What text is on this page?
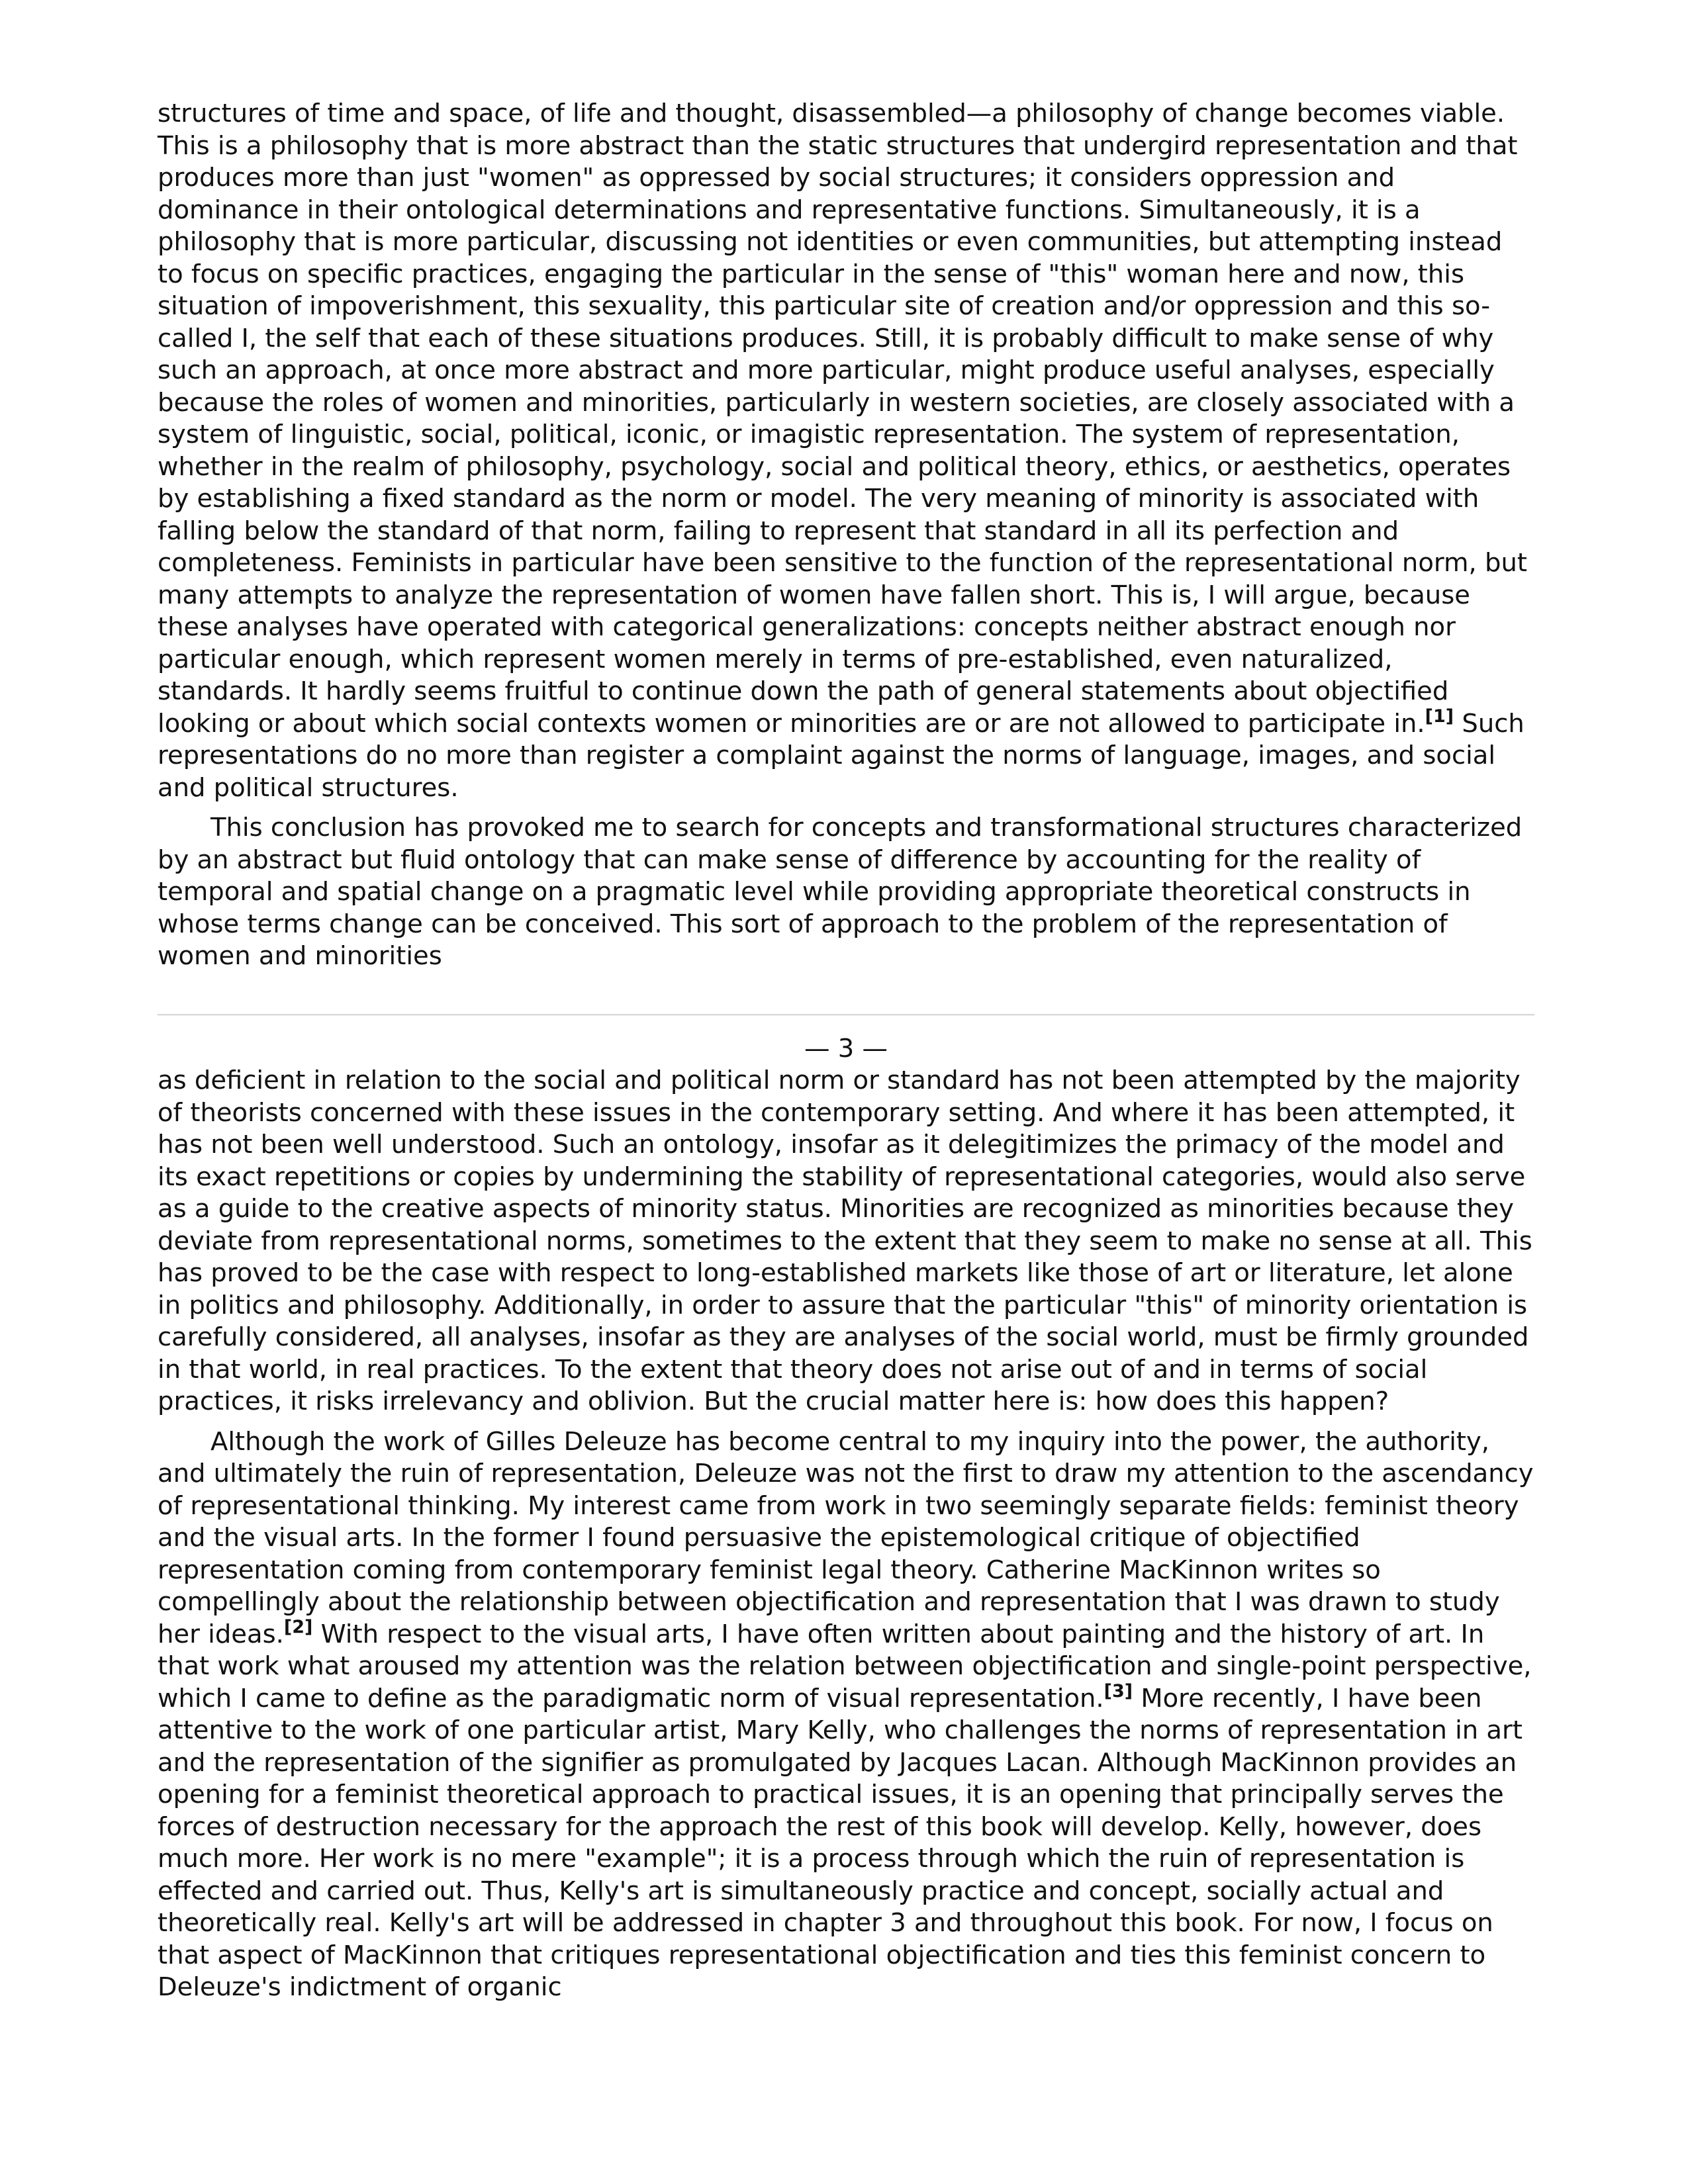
structures of time and space, of life and thought, disassembled—a philosophy of change becomes viable. This is a philosophy that is more abstract than the static structures that undergird representation and that produces more than just "women" as oppressed by social structures; it considers oppression and dominance in their ontological determinations and representative functions. Simultaneously, it is a philosophy that is more particular, discussing not identities or even communities, but attempting instead to focus on specific practices, engaging the particular in the sense of "this" woman here and now, this situation of impoverishment, this sexuality, this particular site of creation and/or oppression and this so-called I, the self that each of these situations produces. Still, it is probably difficult to make sense of why such an approach, at once more abstract and more particular, might produce useful analyses, especially because the roles of women and minorities, particularly in western societies, are closely associated with a system of linguistic, social, political, iconic, or imagistic representation. The system of representation, whether in the realm of philosophy, psychology, social and political theory, ethics, or aesthetics, operates by establishing a fixed standard as the norm or model. The very meaning of minority is associated with falling below the standard of that norm, failing to represent that standard in all its perfection and completeness. Feminists in particular have been sensitive to the function of the representational norm, but many attempts to analyze the representation of women have fallen short. This is, I will argue, because these analyses have operated with categorical generalizations: concepts neither abstract enough nor particular enough, which represent women merely in terms of pre-established, even naturalized, standards. It hardly seems fruitful to continue down the path of general statements about objectified looking or about which social contexts women or minorities are or are not allowed to participate in.[1] Such representations do no more than register a complaint against the norms of language, images, and social and political structures.

This conclusion has provoked me to search for concepts and transformational structures characterized by an abstract but fluid ontology that can make sense of difference by accounting for the reality of temporal and spatial change on a pragmatic level while providing appropriate theoretical constructs in whose terms change can be conceived. This sort of approach to the problem of the representation of women and minorities

— 3 —

as deficient in relation to the social and political norm or standard has not been attempted by the majority of theorists concerned with these issues in the contemporary setting. And where it has been attempted, it has not been well understood. Such an ontology, insofar as it delegitimizes the primacy of the model and its exact repetitions or copies by undermining the stability of representational categories, would also serve as a guide to the creative aspects of minority status. Minorities are recognized as minorities because they deviate from representational norms, sometimes to the extent that they seem to make no sense at all. This has proved to be the case with respect to long-established markets like those of art or literature, let alone in politics and philosophy. Additionally, in order to assure that the particular "this" of minority orientation is carefully considered, all analyses, insofar as they are analyses of the social world, must be firmly grounded in that world, in real practices. To the extent that theory does not arise out of and in terms of social practices, it risks irrelevancy and oblivion. But the crucial matter here is: how does this happen?

Although the work of Gilles Deleuze has become central to my inquiry into the power, the authority, and ultimately the ruin of representation, Deleuze was not the first to draw my attention to the ascendancy of representational thinking. My interest came from work in two seemingly separate fields: feminist theory and the visual arts. In the former I found persuasive the epistemological critique of objectified representation coming from contemporary feminist legal theory. Catherine MacKinnon writes so compellingly about the relationship between objectification and representation that I was drawn to study her ideas.[2] With respect to the visual arts, I have often written about painting and the history of art. In that work what aroused my attention was the relation between objectification and single-point perspective, which I came to define as the paradigmatic norm of visual representation.[3] More recently, I have been attentive to the work of one particular artist, Mary Kelly, who challenges the norms of representation in art and the representation of the signifier as promulgated by Jacques Lacan. Although MacKinnon provides an opening for a feminist theoretical approach to practical issues, it is an opening that principally serves the forces of destruction necessary for the approach the rest of this book will develop. Kelly, however, does much more. Her work is no mere "example"; it is a process through which the ruin of representation is effected and carried out. Thus, Kelly's art is simultaneously practice and concept, socially actual and theoretically real. Kelly's art will be addressed in chapter 3 and throughout this book. For now, I focus on that aspect of MacKinnon that critiques representational objectification and ties this feminist concern to Deleuze's indictment of organic
